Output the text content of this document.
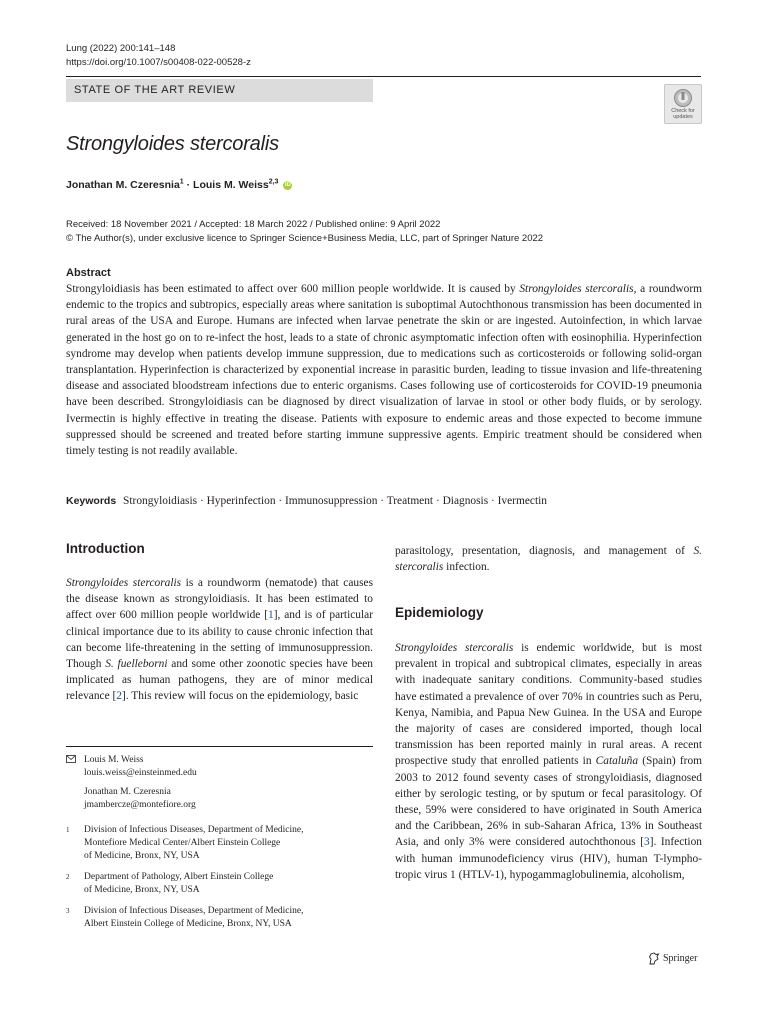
Lung (2022) 200:141–148
https://doi.org/10.1007/s00408-022-00528-z
STATE OF THE ART REVIEW
Check for
updates
Strongyloides stercoralis
Jonathan M. Czeresnia$^1$ · Louis M. Weiss$^{2,3}$ iD
Received: 18 November 2021 / Accepted: 18 March 2022 / Published online: 9 April 2022
© The Author(s), under exclusive licence to Springer Science+Business Media, LLC, part of Springer Nature 2022
Abstract
Strongyloidiasis has been estimated to affect over 600 million people worldwide. It is caused by Strongyloides stercoralis, a roundworm endemic to the tropics and subtropics, especially areas where sanitation is suboptimal Autochthonous transmission has been documented in rural areas of the USA and Europe. Humans are infected when larvae penetrate the skin or are ingested. Autoinfection, in which larvae generated in the host go on to re-infect the host, leads to a state of chronic asymptomatic infection often with eosinophilia. Hyperinfection syndrome may develop when patients develop immune suppression, due to medications such as corticosteroids or following solid-organ transplantation. Hyperinfection is characterized by exponential increase in parasitic burden, leading to tissue invasion and life-threatening disease and associated bloodstream infections due to enteric organisms. Cases following use of corticosteroids for COVID-19 pneumonia have been described. Strongyloidiasis can be diagnosed by direct visualization of larvae in stool or other body fluids, or by serology. Ivermectin is highly effective in treating the disease. Patients with exposure to endemic areas and those expected to become immune suppressed should be screened and treated before starting immune suppressive agents. Empiric treatment should be considered when timely testing is not readily available.
Keywords Strongyloidiasis · Hyperinfection · Immunosuppression · Treatment · Diagnosis · Ivermectin
Introduction
Strongyloides stercoralis is a roundworm (nematode) that causes the disease known as strongyloidiasis. It has been estimated to affect over 600 million people worldwide [1], and is of particular clinical importance due to its ability to cause chronic infection that can become life-threatening in the setting of immunosuppression. Though S. fuelleborni and some other zoonotic species have been implicated as human pathogens, they are of minor medical relevance [2]. This review will focus on the epidemiology, basic
parasitology, presentation, diagnosis, and management of S. stercoralis infection.
Epidemiology
Strongyloides stercoralis is endemic worldwide, but is most prevalent in tropical and subtropical climates, especially in areas with inadequate sanitary conditions. Community-based studies have estimated a prevalence of over 70% in countries such as Peru, Kenya, Namibia, and Papua New Guinea. In the USA and Europe the majority of cases are considered imported, though local transmission has been reported mainly in rural areas. A recent prospective study that enrolled patients in Cataluña (Spain) from 2003 to 2012 found seventy cases of strongyloidiasis, diagnosed either by serologic testing, or by sputum or fecal parasitology. Of these, 59% were considered to have originated in South America and the Caribbean, 26% in sub-Saharan Africa, 13% in Southeast Asia, and only 3% were considered autochthonous [3]. Infection with human immunodeficiency virus (HIV), human T-lympho-tropic virus 1 (HTLV-1), hypogammaglobulinemia, alcoholism,
Louis M. Weiss
louis.weiss@einsteinmed.edu
Jonathan M. Czeresnia
jmambercze@montefiore.org
1	Division of Infectious Diseases, Department of Medicine,
Montefiore Medical Center/Albert Einstein College
of Medicine, Bronx, NY, USA
2	Department of Pathology, Albert Einstein College
of Medicine, Bronx, NY, USA
3	Division of Infectious Diseases, Department of Medicine,
Albert Einstein College of Medicine, Bronx, NY, USA
Springer
